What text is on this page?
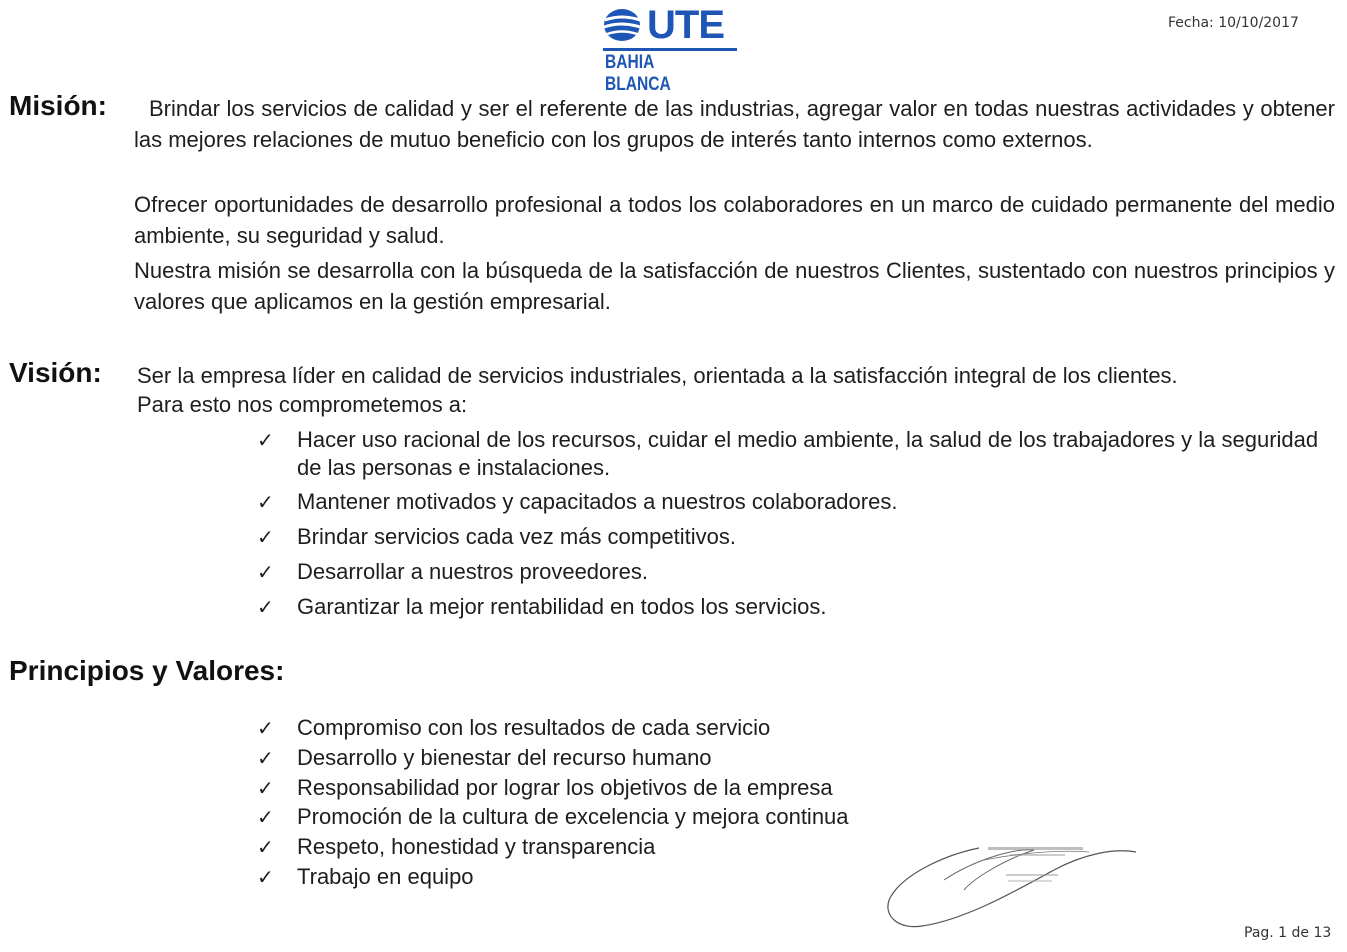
UTE
BAHIA BLANCA
Fecha: 10/10/2017
Misión:	Brindar los servicios de calidad y ser el referente de las industrias, agregar valor en todas nuestras actividades y obtener las mejores relaciones de mutuo beneficio con los grupos de interés tanto internos como externos.

Ofrecer oportunidades de desarrollo profesional a todos los colaboradores en un marco de cuidado permanente del medio ambiente, su seguridad y salud.

Nuestra misión se desarrolla con la búsqueda de la satisfacción de nuestros Clientes, sustentado con nuestros principios y valores que aplicamos en la gestión empresarial.

Visión: Ser la empresa líder en calidad de servicios industriales, orientada a la satisfacción integral de los clientes.

Para esto nos comprometemos a:

✓	Hacer uso racional de los recursos, cuidar el medio ambiente, la salud de los trabajadores y la seguridad de las personas e instalaciones.
✓	Mantener motivados y capacitados a nuestros colaboradores.
✓	Brindar servicios cada vez más competitivos.
✓	Desarrollar a nuestros proveedores.
✓	Garantizar la mejor rentabilidad en todos los servicios.
Principios y Valores:
✓	Compromiso con los resultados de cada servicio
✓	Desarrollo y bienestar del recurso humano
✓	Responsabilidad por lograr los objetivos de la empresa
✓	Promoción de la cultura de excelencia y mejora continua
✓	Respeto, honestidad y transparencia
✓	Trabajo en equipo
Pag. 1 de 13
